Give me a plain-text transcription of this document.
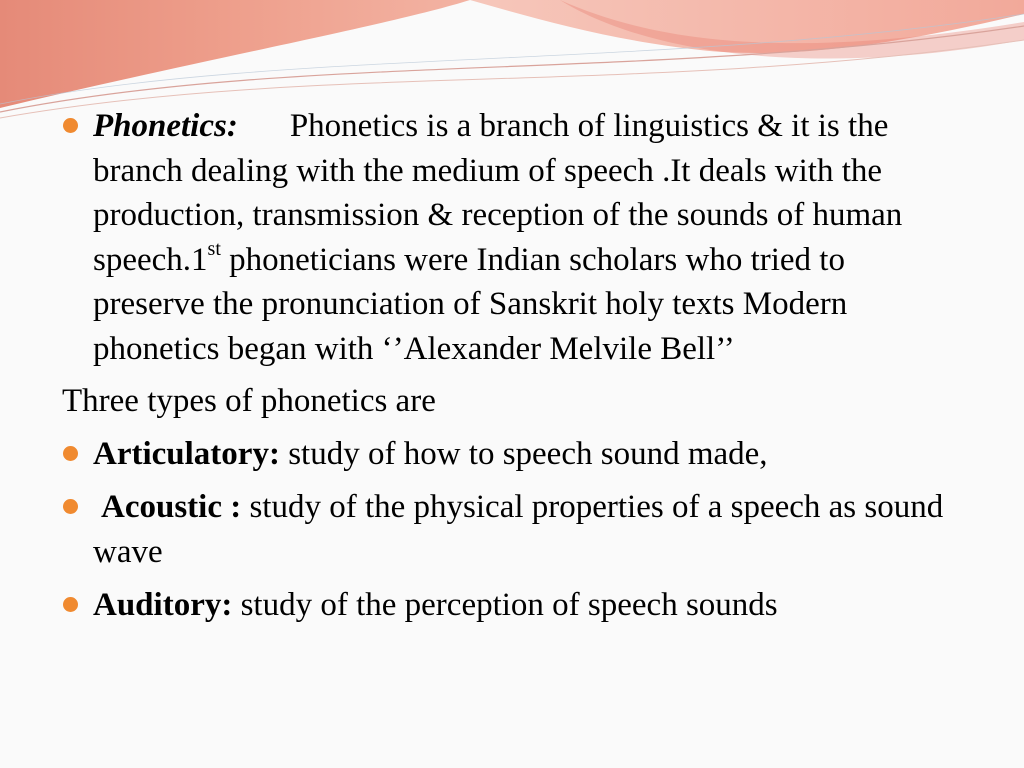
Phonetics: Phonetics is a branch of linguistics & it is the branch dealing with the medium of speech .It deals with the production, transmission & reception of the sounds of human speech.1st phoneticians were Indian scholars who tried to preserve the pronunciation of Sanskrit holy texts Modern phonetics began with ‘’Alexander Melvile Bell’’
Three types of phonetics are
Articulatory: study of how to speech sound made,
Acoustic : study of the physical properties of a speech as sound wave
Auditory: study of the perception of speech sounds
